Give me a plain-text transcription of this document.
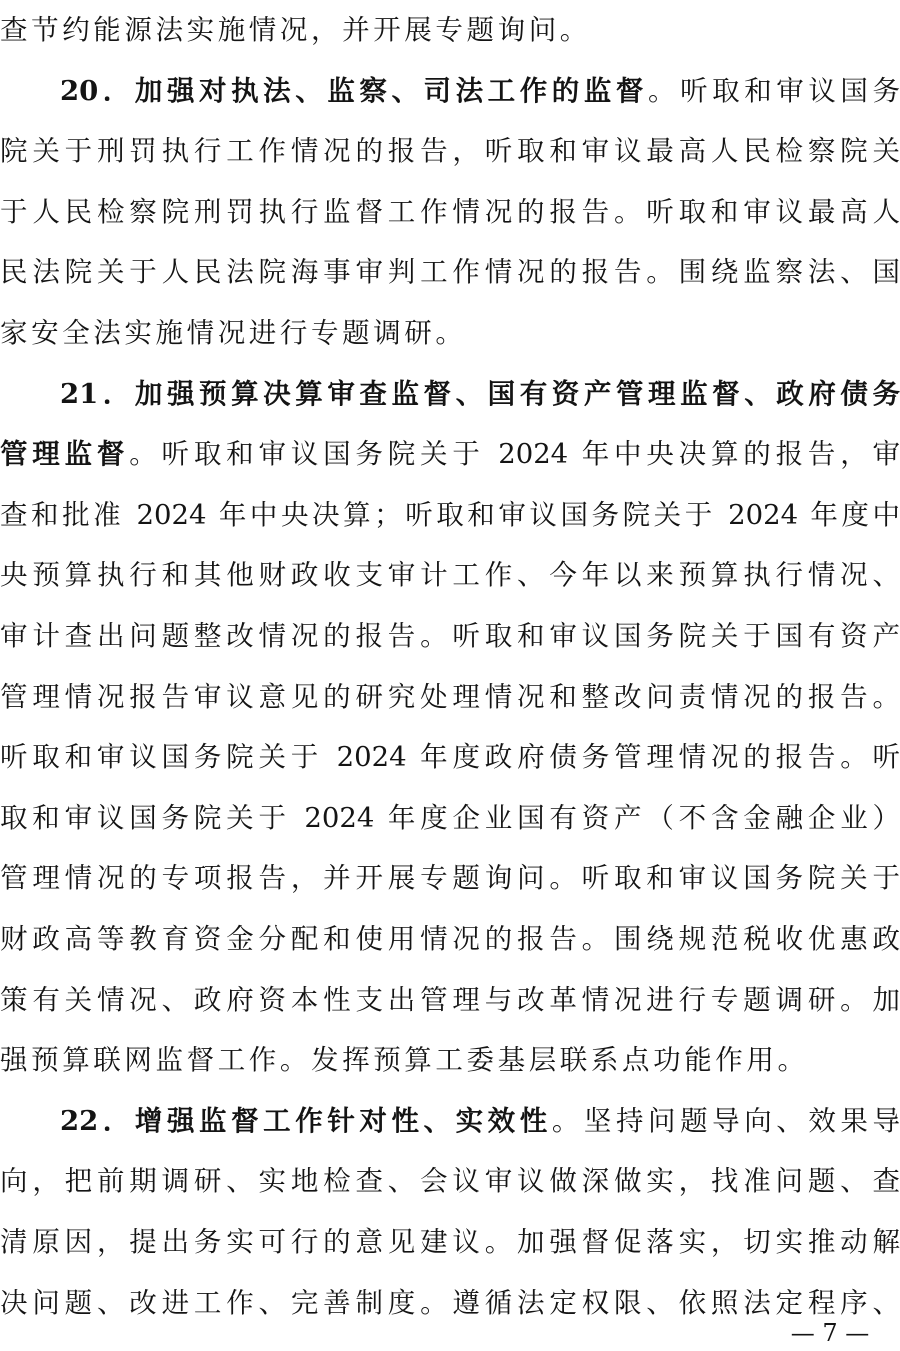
查节约能源法实施情况，并开展专题询问。
20．加强对执法、监察、司法工作的监督。听取和审议国务
院关于刑罚执行工作情况的报告，听取和审议最高人民检察院关
于人民检察院刑罚执行监督工作情况的报告。听取和审议最高人
民法院关于人民法院海事审判工作情况的报告。围绕监察法、国
家安全法实施情况进行专题调研。
21．加强预算决算审查监督、国有资产管理监督、政府债务
管理监督。听取和审议国务院关于 2024 年中央决算的报告，审
查和批准 2024 年中央决算；听取和审议国务院关于 2024 年度中
央预算执行和其他财政收支审计工作、今年以来预算执行情况、
审计查出问题整改情况的报告。听取和审议国务院关于国有资产
管理情况报告审议意见的研究处理情况和整改问责情况的报告。
听取和审议国务院关于 2024 年度政府债务管理情况的报告。听
取和审议国务院关于 2024 年度企业国有资产（不含金融企业）
管理情况的专项报告，并开展专题询问。听取和审议国务院关于
财政高等教育资金分配和使用情况的报告。围绕规范税收优惠政
策有关情况、政府资本性支出管理与改革情况进行专题调研。加
强预算联网监督工作。发挥预算工委基层联系点功能作用。
22．增强监督工作针对性、实效性。坚持问题导向、效果导
向，把前期调研、实地检查、会议审议做深做实，找准问题、查
清原因，提出务实可行的意见建议。加强督促落实，切实推动解
决问题、改进工作、完善制度。遵循法定权限、依照法定程序、
— 7 —
